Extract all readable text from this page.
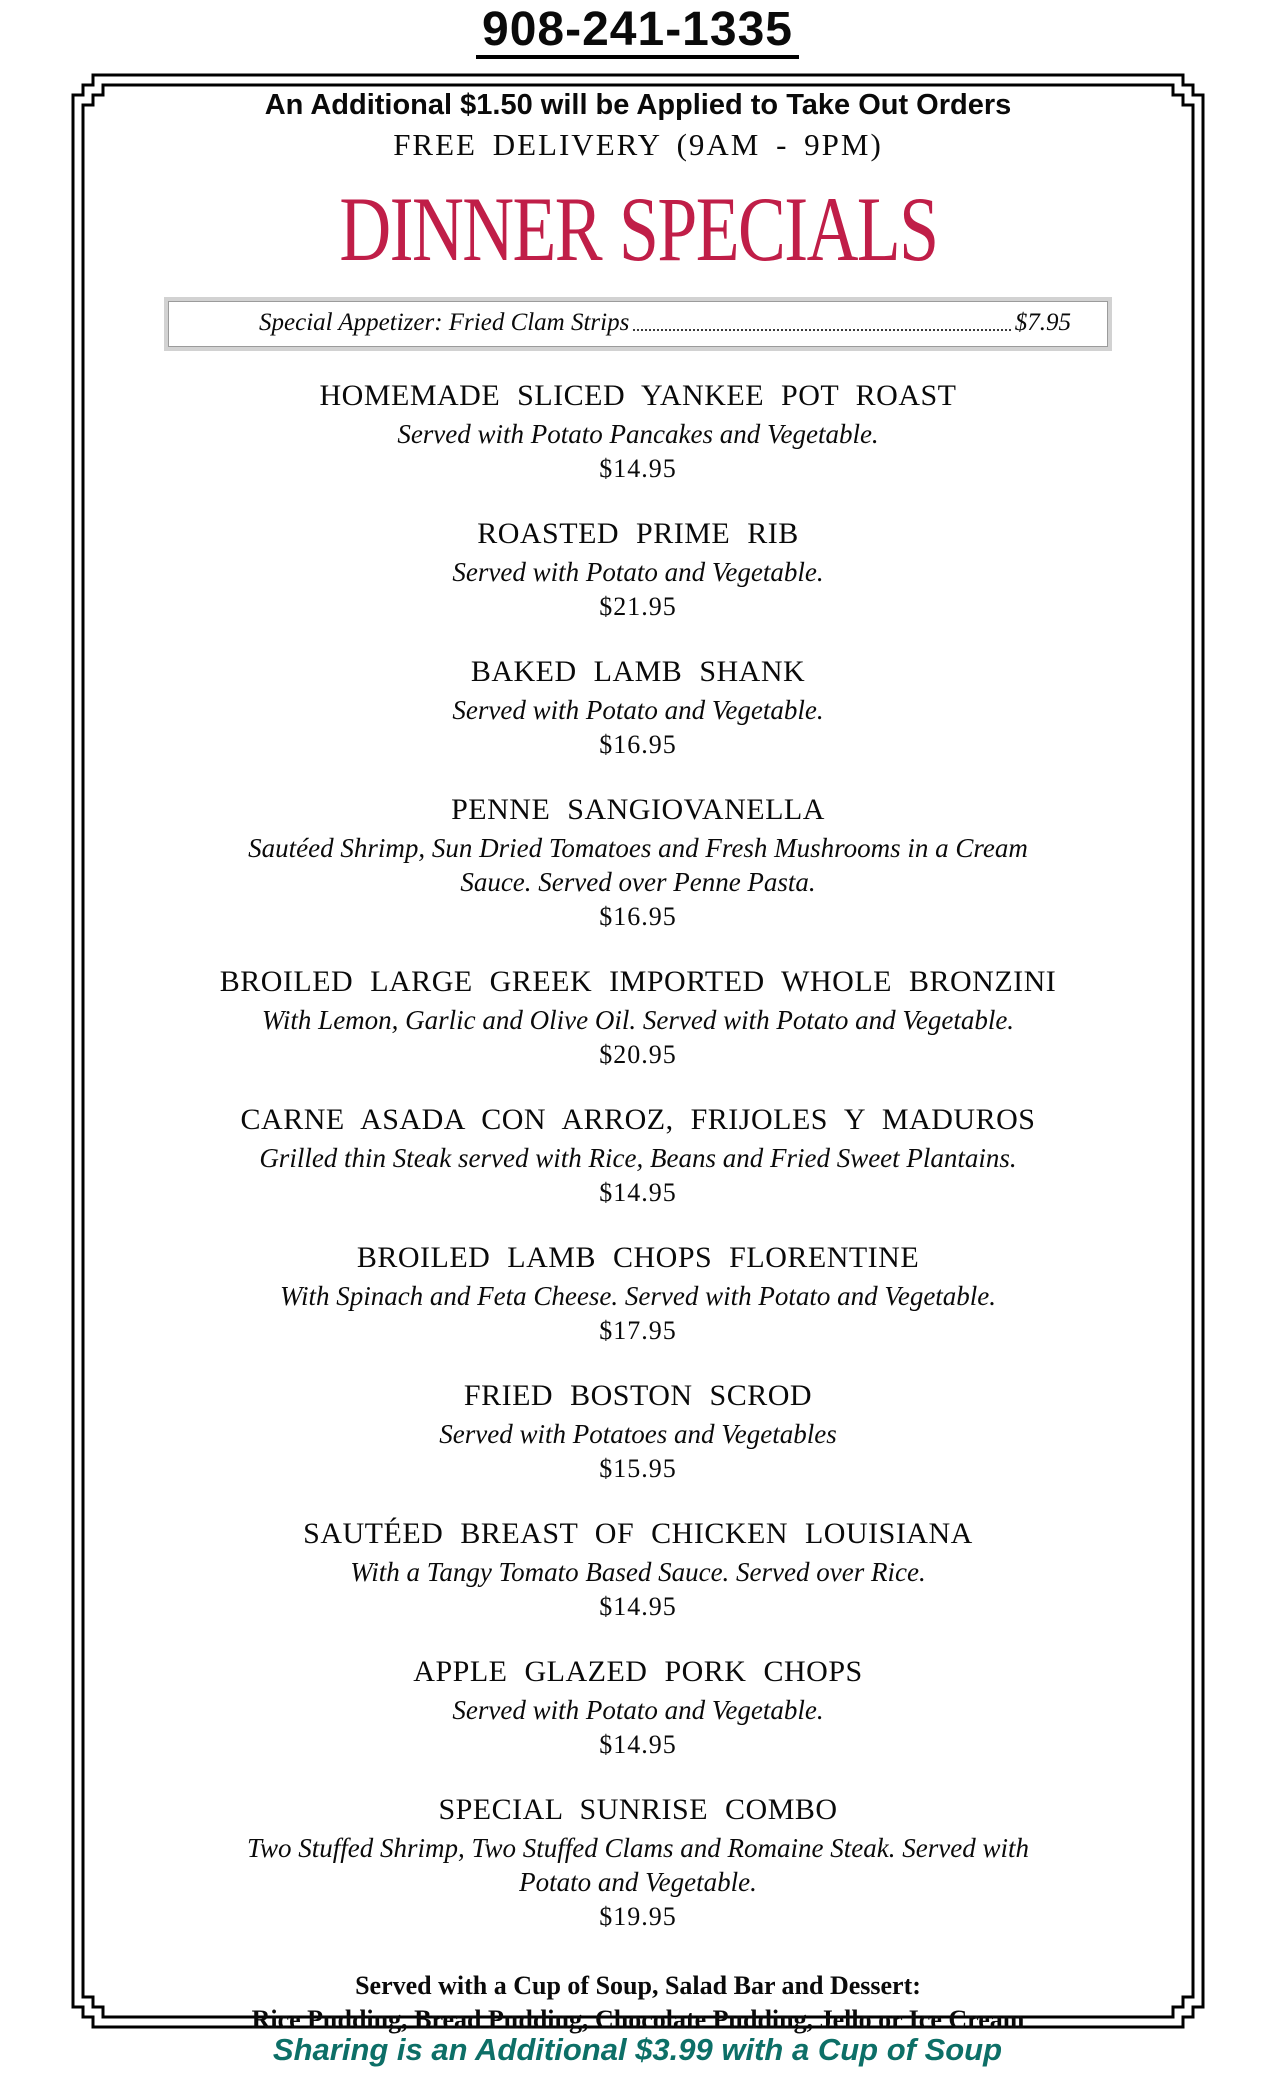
908-241-1335
An Additional $1.50 will be Applied to Take Out Orders
FREE DELIVERY (9AM - 9PM)
DINNER SPECIALS
Special Appetizer: Fried Clam Strips	$7.95
HOMEMADE SLICED YANKEE POT ROAST
Served with Potato Pancakes and Vegetable.
$14.95
ROASTED PRIME RIB
Served with Potato and Vegetable.
$21.95
BAKED LAMB SHANK
Served with Potato and Vegetable.
$16.95
PENNE SANGIOVANELLA
Sautéed Shrimp, Sun Dried Tomatoes and Fresh Mushrooms in a Cream Sauce. Served over Penne Pasta.
$16.95
BROILED LARGE GREEK IMPORTED WHOLE BRONZINI
With Lemon, Garlic and Olive Oil. Served with Potato and Vegetable.
$20.95
CARNE ASADA CON ARROZ, FRIJOLES Y MADUROS
Grilled thin Steak served with Rice, Beans and Fried Sweet Plantains.
$14.95
BROILED LAMB CHOPS FLORENTINE
With Spinach and Feta Cheese. Served with Potato and Vegetable.
$17.95
FRIED BOSTON SCROD
Served with Potatoes and Vegetables
$15.95
SAUTÉED BREAST OF CHICKEN LOUISIANA
With a Tangy Tomato Based Sauce. Served over Rice.
$14.95
APPLE GLAZED PORK CHOPS
Served with Potato and Vegetable.
$14.95
SPECIAL SUNRISE COMBO
Two Stuffed Shrimp, Two Stuffed Clams and Romaine Steak. Served with Potato and Vegetable.
$19.95
Served with a Cup of Soup, Salad Bar and Dessert:
Rice Pudding, Bread Pudding, Chocolate Pudding, Jello or Ice Cream
Sharing is an Additional $3.99 with a Cup of Soup
